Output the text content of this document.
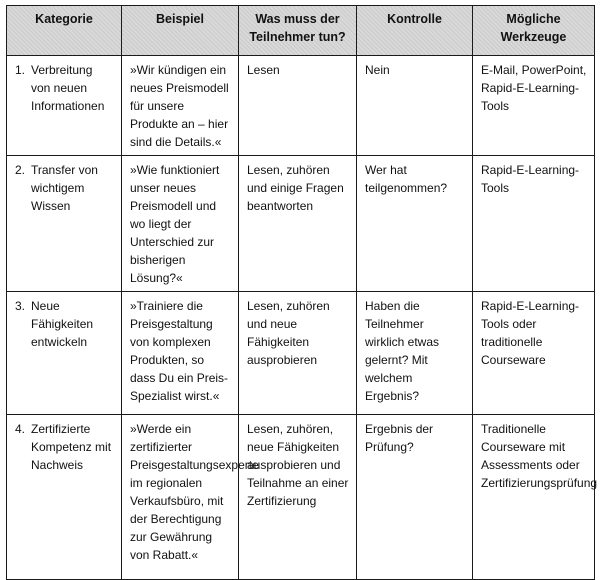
Kategorie	Beispiel	Was muss der Teilnehmer tun?	Kontrolle	Mögliche Werkzeuge

1. Verbreitung von neuen Informationen	»Wir kündigen ein neues Preismodell für unsere Produkte an – hier sind die Details.«	Lesen	Nein	E-Mail, PowerPoint, Rapid-E-Learning-Tools

2. Transfer von wichtigem Wissen	»Wie funktioniert unser neues Preismodell und wo liegt der Unterschied zur bisherigen Lösung?«	Lesen, zuhören und einige Fragen beantworten	Wer hat teilgenommen?	Rapid-E-Learning-Tools

3. Neue Fähigkeiten entwickeln	»Trainiere die Preisgestaltung von komplexen Produkten, so dass Du ein Preis-Spezialist wirst.«	Lesen, zuhören und neue Fähigkeiten ausprobieren	Haben die Teilnehmer wirklich etwas gelernt? Mit welchem Ergebnis?	Rapid-E-Learning-Tools oder traditionelle Courseware

4. Zertifizierte Kompetenz mit Nachweis	»Werde ein zertifizierter Preisgestaltungsexperte im regionalen Verkaufsbüro, mit der Berechtigung zur Gewährung von Rabatt.«	Lesen, zuhören, neue Fähigkeiten ausprobieren und Teilnahme an einer Zertifizierung	Ergebnis der Prüfung?	Traditionelle Courseware mit Assessments oder Zertifizierungsprüfung
